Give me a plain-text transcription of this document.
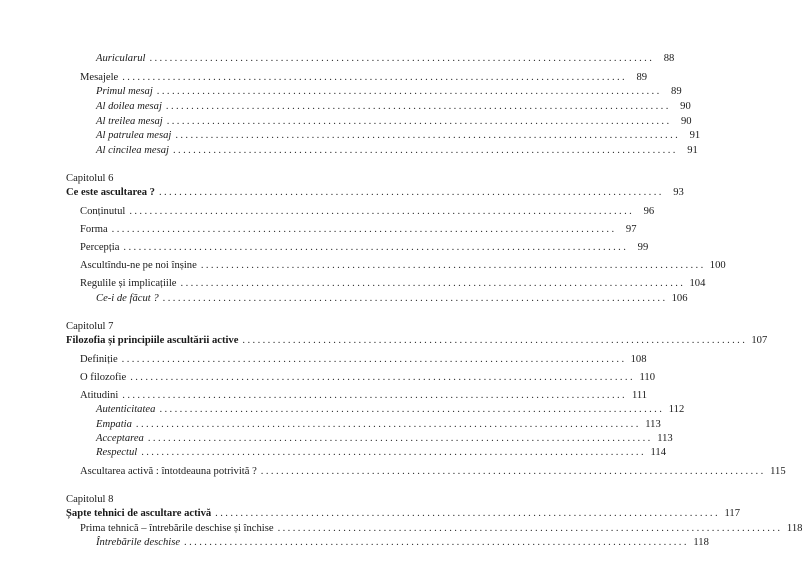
Auricularul .................................................................................................... 88
Mesajele .................................................................................................... 89
Primul mesaj .................................................................................................... 89
Al doilea mesaj .................................................................................................... 90
Al treilea mesaj .................................................................................................... 90
Al patrulea mesaj .................................................................................................... 91
Al cincilea mesaj .................................................................................................... 91
Capitolul 6
Ce este ascultarea ? .................................................................................................... 93
Conținutul .................................................................................................... 96
Forma .................................................................................................... 97
Percepția .................................................................................................... 99
Ascultîndu-ne pe noi înșine .................................................................................................... 100
Regulile și implicațiile .................................................................................................... 104
Ce-i de făcut ? .................................................................................................... 106
Capitolul 7
Filozofia și principiile ascultării active .................................................................................................... 107
Definiție .................................................................................................... 108
O filozofie .................................................................................................... 110
Atitudini .................................................................................................... 111
Autenticitatea .................................................................................................... 112
Empatia .................................................................................................... 113
Acceptarea .................................................................................................... 113
Respectul .................................................................................................... 114
Ascultarea activă : întotdeauna potrivită ? .................................................................................................... 115
Capitolul 8
Șapte tehnici de ascultare activă .................................................................................................... 117
Prima tehnică – întrebările deschise și închise .................................................................................................... 118
Întrebările deschise .................................................................................................... 118
